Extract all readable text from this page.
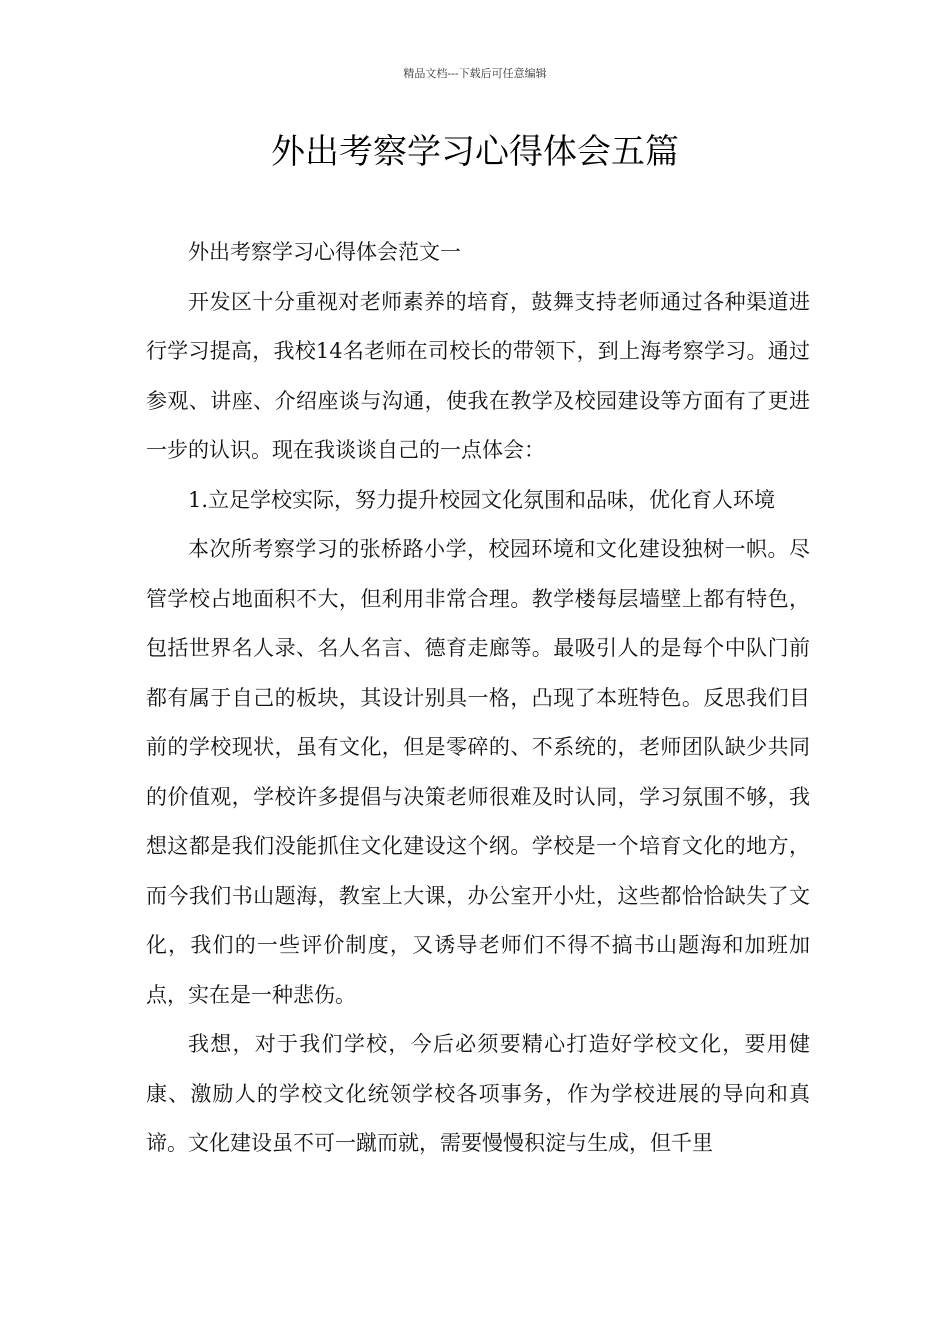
精品文档---下载后可任意编辑
外出考察学习心得体会五篇

外出考察学习心得体会范文一

开发区十分重视对老师素养的培育，鼓舞支持老师通过各种渠道进行学习提高，我校14名老师在司校长的带领下，到上海考察学习。通过参观、讲座、介绍座谈与沟通，使我在教学及校园建设等方面有了更进一步的认识。现在我谈谈自己的一点体会：

1.立足学校实际，努力提升校园文化氛围和品味，优化育人环境

本次所考察学习的张桥路小学，校园环境和文化建设独树一帜。尽管学校占地面积不大，但利用非常合理。教学楼每层墙壁上都有特色，包括世界名人录、名人名言、德育走廊等。最吸引人的是每个中队门前都有属于自己的板块，其设计别具一格，凸现了本班特色。反思我们目前的学校现状，虽有文化，但是零碎的、不系统的，老师团队缺少共同的价值观，学校许多提倡与决策老师很难及时认同，学习氛围不够，我想这都是我们没能抓住文化建设这个纲。学校是一个培育文化的地方，而今我们书山题海，教室上大课，办公室开小灶，这些都恰恰缺失了文化，我们的一些评价制度，又诱导老师们不得不搞书山题海和加班加点，实在是一种悲伤。

我想，对于我们学校，今后必须要精心打造好学校文化，要用健康、激励人的学校文化统领学校各项事务，作为学校进展的导向和真谛。文化建设虽不可一蹴而就，需要慢慢积淀与生成，但千里
